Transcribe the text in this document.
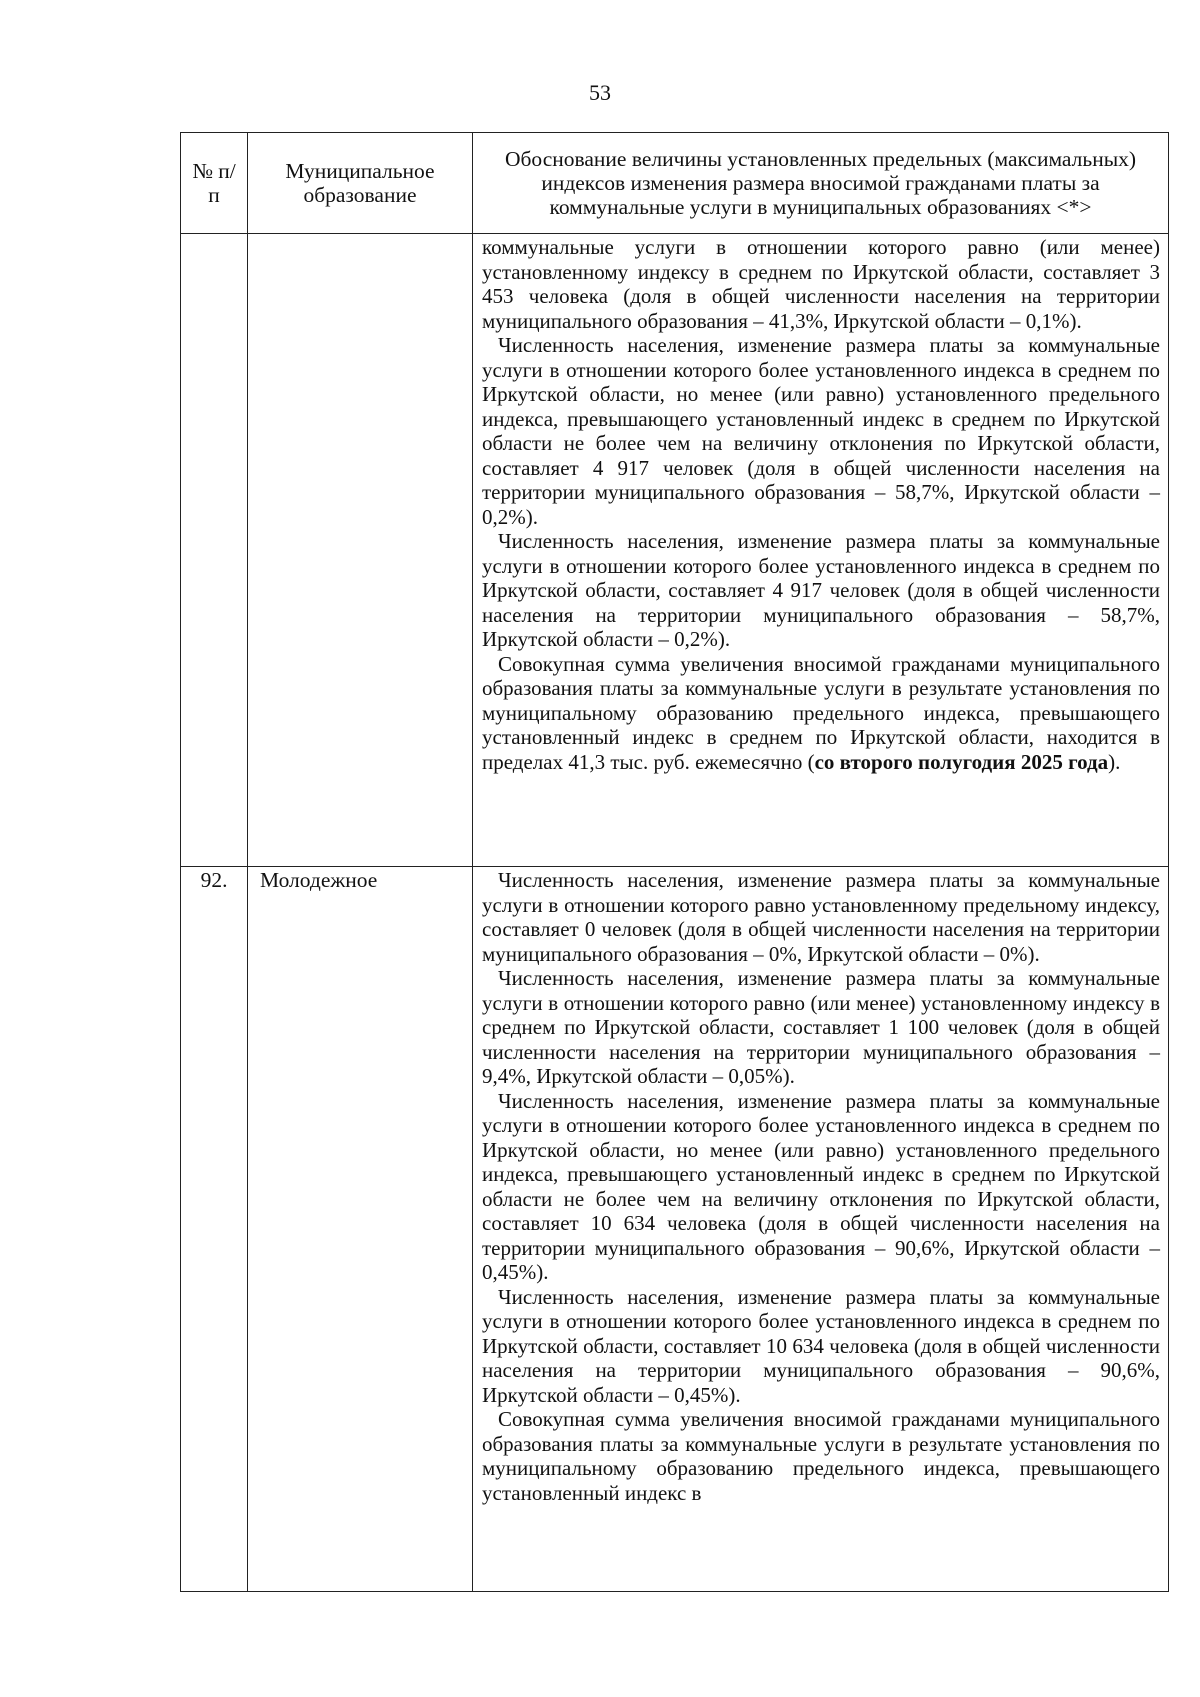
53
№ п/п	Муниципальное образование	Обоснование величины установленных предельных (максимальных) индексов изменения размера вносимой гражданами платы за коммунальные услуги в муниципальных образованиях <*>

		коммунальные услуги в отношении которого равно (или менее) установленному индексу в среднем по Иркутской области, составляет 3 453 человека (доля в общей численности населения на территории муниципального образования – 41,3%, Иркутской области – 0,1%).

Численность населения, изменение размера платы за коммунальные услуги в отношении которого более установленного индекса в среднем по Иркутской области, но менее (или равно) установленного предельного индекса, превышающего установленный индекс в среднем по Иркутской области не более чем на величину отклонения по Иркутской области, составляет 4 917 человек (доля в общей численности населения на территории муниципального образования – 58,7%, Иркутской области – 0,2%).

Численность населения, изменение размера платы за коммунальные услуги в отношении которого более установленного индекса в среднем по Иркутской области, составляет 4 917 человек (доля в общей численности населения на территории муниципального образования – 58,7%, Иркутской области – 0,2%).

Совокупная сумма увеличения вносимой гражданами муниципального образования платы за коммунальные услуги в результате установления по муниципальному образованию предельного индекса, превышающего установленный индекс в среднем по Иркутской области, находится в пределах 41,3 тыс. руб. ежемесячно (со второго полугодия 2025 года).

92.	Молодежное	Численность населения, изменение размера платы за коммунальные услуги в отношении которого равно установленному предельному индексу, составляет 0 человек (доля в общей численности населения на территории муниципального образования – 0%, Иркутской области – 0%).

Численность населения, изменение размера платы за коммунальные услуги в отношении которого равно (или менее) установленному индексу в среднем по Иркутской области, составляет 1 100 человек (доля в общей численности населения на территории муниципального образования – 9,4%, Иркутской области – 0,05%).

Численность населения, изменение размера платы за коммунальные услуги в отношении которого более установленного индекса в среднем по Иркутской области, но менее (или равно) установленного предельного индекса, превышающего установленный индекс в среднем по Иркутской области не более чем на величину отклонения по Иркутской области, составляет 10 634 человека (доля в общей численности населения на территории муниципального образования – 90,6%, Иркутской области – 0,45%).

Численность населения, изменение размера платы за коммунальные услуги в отношении которого более установленного индекса в среднем по Иркутской области, составляет 10 634 человека (доля в общей численности населения на территории муниципального образования – 90,6%, Иркутской области – 0,45%).

Совокупная сумма увеличения вносимой гражданами муниципального образования платы за коммунальные услуги в результате установления по муниципальному образованию предельного индекса, превышающего установленный индекс в
